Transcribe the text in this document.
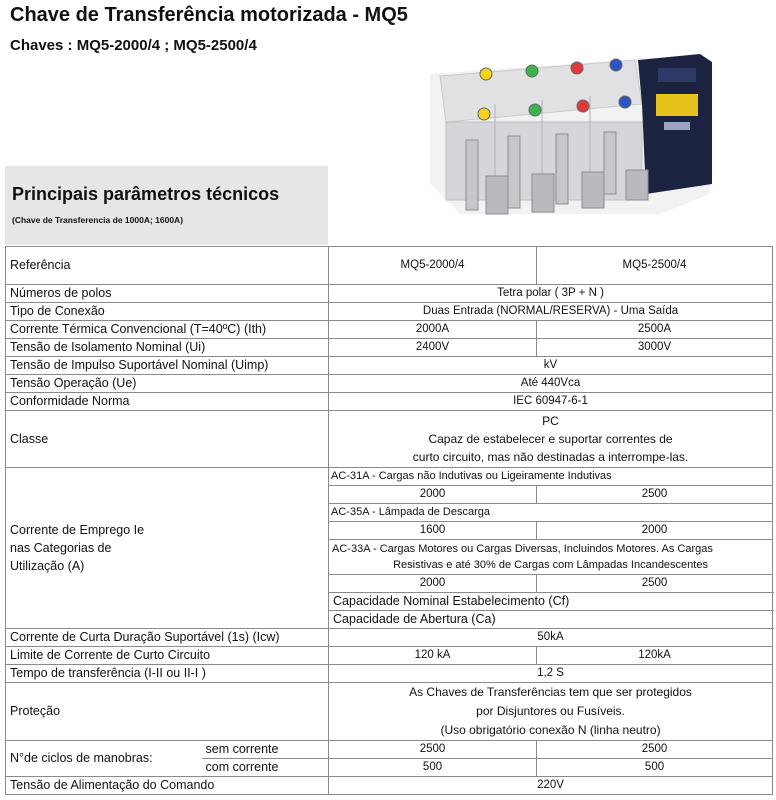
Chave de Transferência motorizada - MQ5
Chaves : MQ5-2000/4 ; MQ5-2500/4
Principais parâmetros técnicos
(Chave de Transferencia de 1000A; 1600A)
Referência		MQ5-2000/4	MQ5-2500/4	
Números de polos		Tetra polar ( 3P + N )		
Tipo de Conexão		Duas Entrada (NORMAL/RESERVA) - Uma Saída		
Corrente Térmica Convencional (T=40ºC) (Ith)		2000A	2500A	
Tensão de Isolamento Nominal (Ui)		2400V	3000V	
Tensão de Impulso Suportável Nominal (Uimp)		kV		
Tensão Operação (Ue)		Até 440Vca		
Conformidade Norma		IEC 60947-6-1		
Classe		PC
Capaz de estabelecer e suportar correntes de
curto circuito, mas não destinadas a interrompe-las.		

Corrente de Emprego Ie
nas Categorias de
Utilização (A)		AC-31A - Cargas não Indutivas ou Ligeiramente Indutivas		
		2000	2500	
		AC-35A - Lâmpada de Descarga		
		1600	2000	

		AC-33A - Cargas Motores ou Cargas Diversas, Incluindos Motores. As Cargas
Resistivas e até 30% de Cargas com Lâmpadas Incandescentes		

		2000	2500	
		Capacidade Nominal Estabelecimento (Cf)	
		Capacidade de Abertura (Ca)	
Corrente de Curta Duração Suportável (1s) (Icw)		50kA		
Limite de Corrente de Curto Circuito		120 kA	120kA	
Tempo de transferência (I-II ou II-I )		1,2 S		
Proteção		As Chaves de Transferências tem que ser protegidos
por Disjuntores ou Fusíveis.
(Uso obrigatório conexão N (linha neutro)		

N°de ciclos de manobras:	sem corrente	2500	2500	
	com corrente	500	500	
Tensão de Alimentação do Comando		220V		
